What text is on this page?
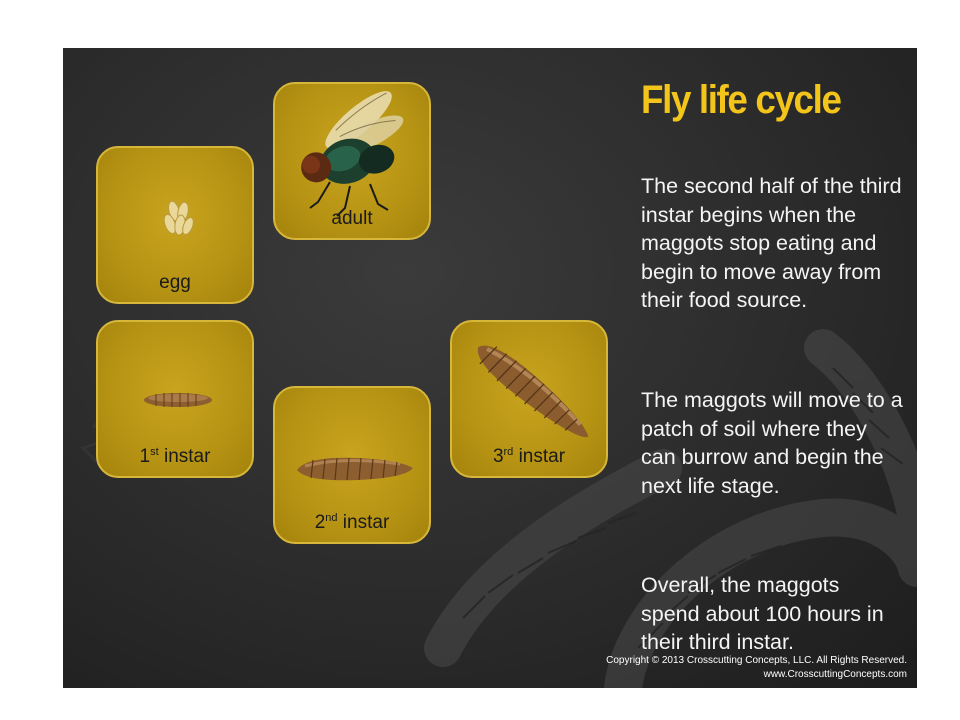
adult
egg
1st instar
2nd instar
3rd instar
Fly life cycle

The second half of the third instar begins when the maggots stop eating and begin to move away from their food source.

The maggots will move to a patch of soil where they can burrow and begin the next life stage.

Overall, the maggots spend about 100 hours in their third instar.

Copyright © 2013 Crosscutting Concepts, LLC. All Rights Reserved.
www.CrosscuttingConcepts.com
